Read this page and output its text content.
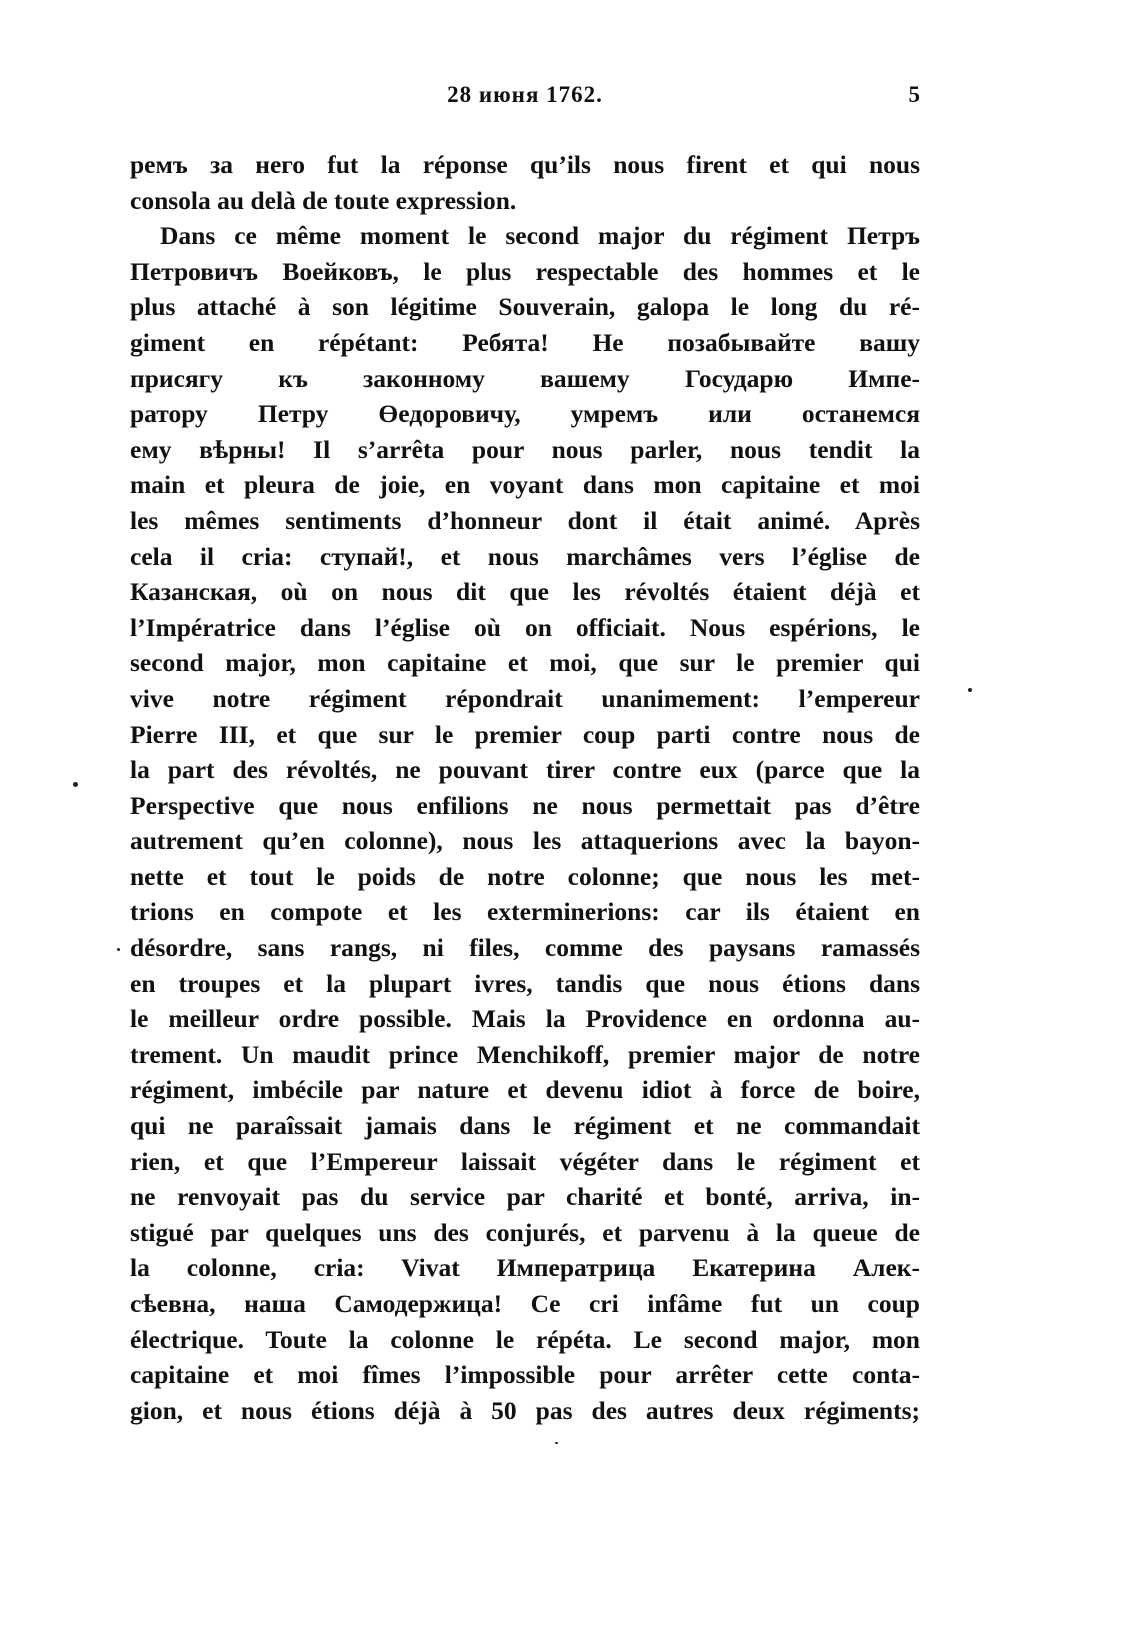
28 июня 1762.	5
ремъ за него fut la réponse qu’ils nous firent et qui nous
consola au delà de toute expression.
Dans ce même moment le second major du régiment Петръ
Петровичъ Воейковъ, le plus respectable des hommes et le
plus attaché à son légitime Souverain, galopa le long du ré-
giment en répétant: Ребята! Не позабывайте вашу
присягу къ законному вашему Государю Импе-
ратору Петру Өедоровичу, умремъ или останемся
ему вѣрны! Il s’arrêta pour nous parler, nous tendit la
main et pleura de joie, en voyant dans mon capitaine et moi
les mêmes sentiments d’honneur dont il était animé. Après
cela il cria: ступай!, et nous marchâmes vers l’église de
Казанская, où on nous dit que les révoltés étaient déjà et
l’Impératrice dans l’église où on officiait. Nous espérions, le
second major, mon capitaine et moi, que sur le premier qui
vive notre régiment répondrait unanimement: l’empereur
Pierre III, et que sur le premier coup parti contre nous de
la part des révoltés, ne pouvant tirer contre eux (parce que la
Perspective que nous enfilions ne nous permettait pas d’être
autrement qu’en colonne), nous les attaquerions avec la bayon-
nette et tout le poids de notre colonne; que nous les met-
trions en compote et les exterminerions: car ils étaient en
désordre, sans rangs, ni files, comme des paysans ramassés
en troupes et la plupart ivres, tandis que nous étions dans
le meilleur ordre possible. Mais la Providence en ordonna au-
trement. Un maudit prince Menchikoff, premier major de notre
régiment, imbécile par nature et devenu idiot à force de boire,
qui ne paraîssait jamais dans le régiment et ne commandait
rien, et que l’Empereur laissait végéter dans le régiment et
ne renvoyait pas du service par charité et bonté, arriva, in-
stigué par quelques uns des conjurés, et parvenu à la queue de
la colonne, cria: Vivat Императрица Екатерина Алек-
сѣевна, наша Самодержица! Ce cri infâme fut un coup
électrique. Toute la colonne le répéta. Le second major, mon
capitaine et moi fîmes l’impossible pour arrêter cette conta-
gion, et nous étions déjà à 50 pas des autres deux régiments;
